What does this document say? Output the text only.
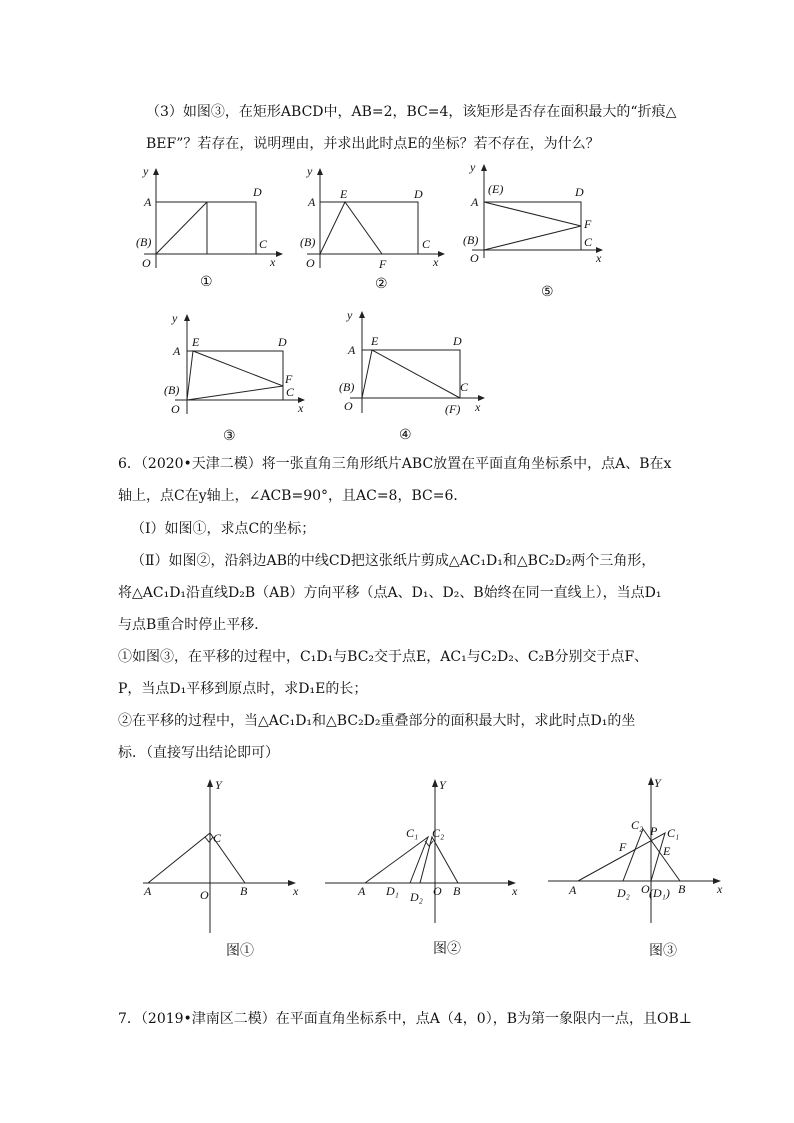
（3）如图③，在矩形ABCD中，AB=2，BC=4，该矩形是否存在面积最大的“折痕△
BEF”？若存在，说明理由，并求出此时点E的坐标？若不存在，为什么？
y
A
(B)
O
D
C
x
①
y
A
(B)
O
E	D
C
F	x
②
y
(E)
A
(B)
O
D
F
C
x
⑤
y
A
E	D
F
C
(B)
O	x
③
y
A
E	D
C
(B)
O	(F) x
④
6．（2020•天津二模）将一张直角三角形纸片ABC放置在平面直角坐标系中，点A、B在x
轴上，点C在y轴上，∠ACB=90°，且AC=8，BC=6．
（Ⅰ）如图①，求点C的坐标；
（Ⅱ）如图②，沿斜边AB的中线CD把这张纸片剪成△AC₁D₁和△BC₂D₂两个三角形，
将△AC₁D₁沿直线D₂B（AB）方向平移（点A、D₁、D₂、B始终在同一直线上），当点D₁
与点B重合时停止平移．
①如图③，在平移的过程中，C₁D₁与BC₂交于点E，AC₁与C₂D₂、C₂B分别交于点F、
P，当点D₁平移到原点时，求D₁E的长；
②在平移的过程中，当△AC₁D₁和△BC₂D₂重叠部分的面积最大时，求此时点D₁的坐
标．（直接写出结论即可）
Y
C
A	O	B	x
图①
Y
C₁ C₂
A D₁ D₂ O B	x
图②
Y
C₂ P C₁
F	E
A	D₂ O (D₁) B	x
图③
7．（2019•津南区二模）在平面直角坐标系中，点A（4，0），B为第一象限内一点，且OB⊥
